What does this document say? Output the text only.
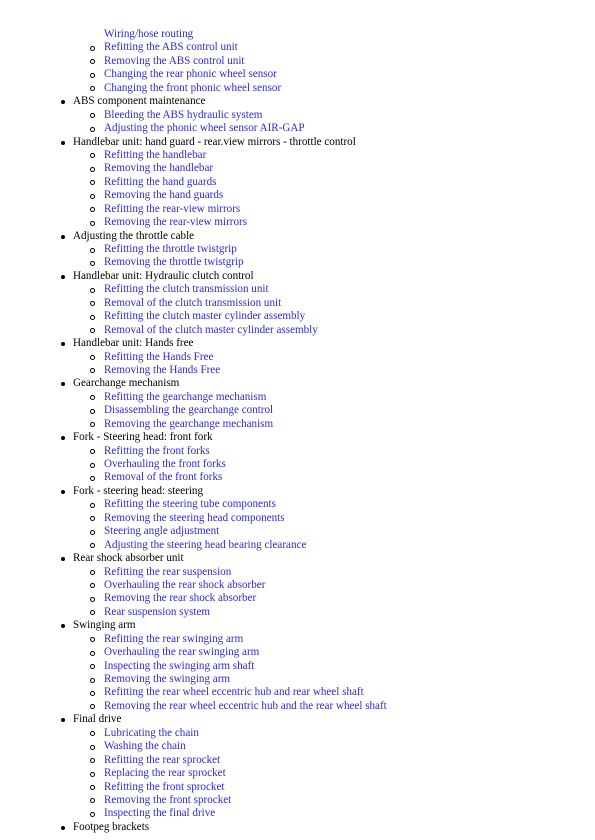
Wiring/hose routing
Refitting the ABS control unit
Removing the ABS control unit
Changing the rear phonic wheel sensor
Changing the front phonic wheel sensor
ABS component maintenance
Bleeding the ABS hydraulic system
Adjusting the phonic wheel sensor AIR-GAP
Handlebar unit: hand guard - rear.view mirrors - throttle control
Refitting the handlebar
Removing the handlebar
Refitting the hand guards
Removing the hand guards
Refitting the rear-view mirrors
Removing the rear-view mirrors
Adjusting the throttle cable
Refitting the throttle twistgrip
Removing the throttle twistgrip
Handlebar unit: Hydraulic clutch control
Refitting the clutch transmission unit
Removal of the clutch transmission unit
Refitting the clutch master cylinder assembly
Removal of the clutch master cylinder assembly
Handlebar unit: Hands free
Refitting the Hands Free
Removing the Hands Free
Gearchange mechanism
Refitting the gearchange mechanism
Disassembling the gearchange control
Removing the gearchange mechanism
Fork - Steering head: front fork
Refitting the front forks
Overhauling the front forks
Removal of the front forks
Fork - steering head: steering
Refitting the steering tube components
Removing the steering head components
Steering angle adjustment
Adjusting the steering head bearing clearance
Rear shock absorber unit
Refitting the rear suspension
Overhauling the rear shock absorber
Removing the rear shock absorber
Rear suspension system
Swinging arm
Refitting the rear swinging arm
Overhauling the rear swinging arm
Inspecting the swinging arm shaft
Removing the swinging arm
Refitting the rear wheel eccentric hub and rear wheel shaft
Removing the rear wheel eccentric hub and the rear wheel shaft
Final drive
Lubricating the chain
Washing the chain
Refitting the rear sprocket
Replacing the rear sprocket
Refitting the front sprocket
Removing the front sprocket
Inspecting the final drive
Footpeg brackets
